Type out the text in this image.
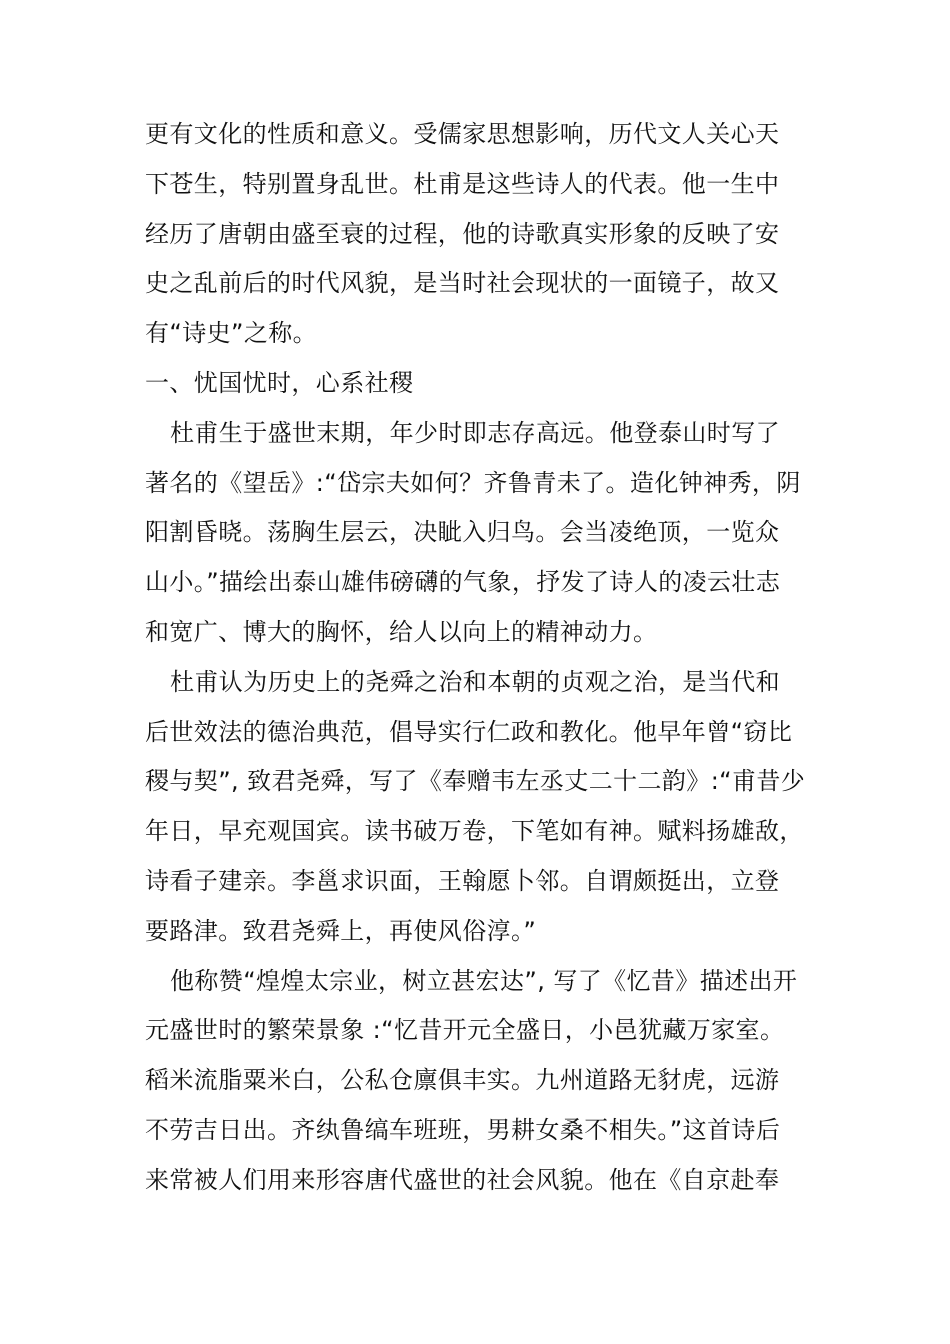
更有文化的性质和意义。受儒家思想影响，历代文人关心天
下苍生，特别置身乱世。杜甫是这些诗人的代表。他一生中
经历了唐朝由盛至衰的过程，他的诗歌真实形象的反映了安
史之乱前后的时代风貌，是当时社会现状的一面镜子，故又
有“诗史”之称。
一、忧国忧时，心系社稷
杜甫生于盛世末期，年少时即志存高远。他登泰山时写了
著名的《望岳》:“岱宗夫如何？齐鲁青未了。造化钟神秀，阴
阳割昏晓。荡胸生层云，决眦入归鸟。会当凌绝顶，一览众
山小。”描绘出泰山雄伟磅礴的气象，抒发了诗人的凌云壮志
和宽广、博大的胸怀，给人以向上的精神动力。
杜甫认为历史上的尧舜之治和本朝的贞观之治，是当代和
后世效法的德治典范，倡导实行仁政和教化。他早年曾“窃比
稷与契”, 致君尧舜，写了《奉赠韦左丞丈二十二韵》:“甫昔少
年日，早充观国宾。读书破万卷，下笔如有神。赋料扬雄敌，
诗看子建亲。李邕求识面，王翰愿卜邻。自谓颇挺出，立登
要路津。致君尧舜上，再使风俗淳。”
他称赞“煌煌太宗业，树立甚宏达”, 写了《忆昔》描述出开
元盛世时的繁荣景象 :“忆昔开元全盛日，小邑犹藏万家室。
稻米流脂粟米白，公私仓廪俱丰实。九州道路无豺虎，远游
不劳吉日出。齐纨鲁缟车班班，男耕女桑不相失。”这首诗后
来常被人们用来形容唐代盛世的社会风貌。他在《自京赴奉
